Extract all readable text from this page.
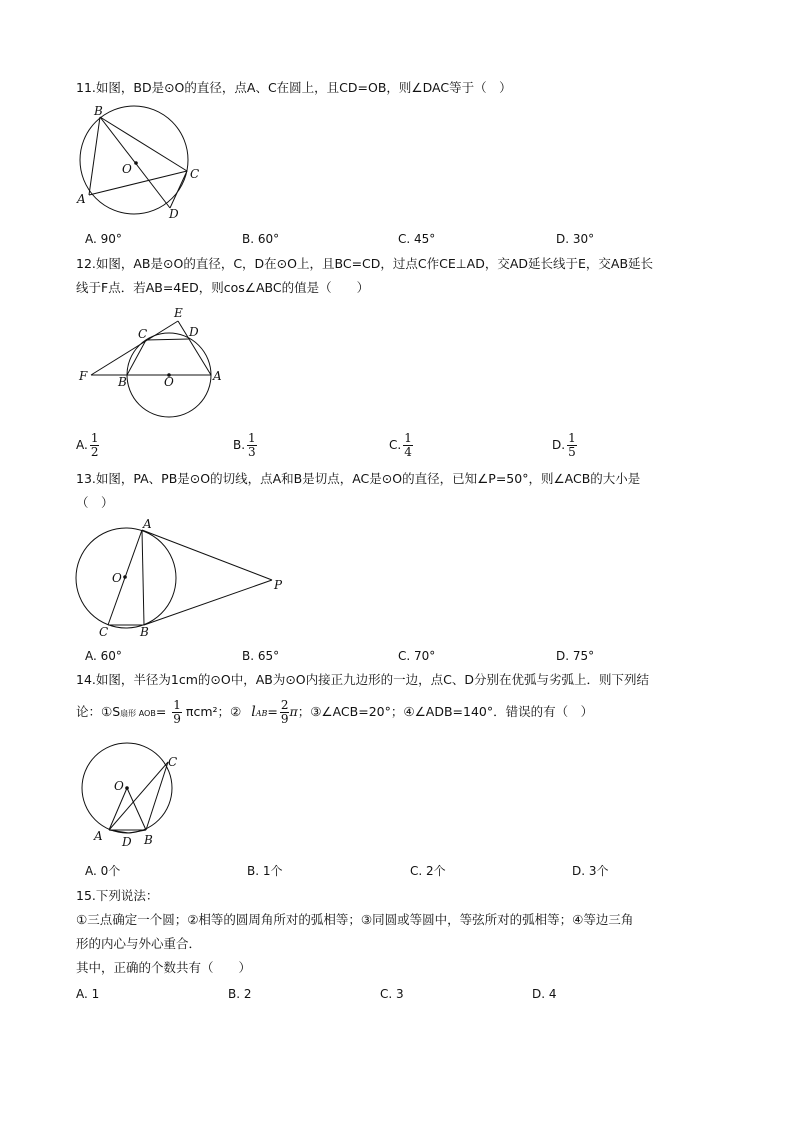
11.如图，BD是⊙O的直径，点A、C在圆上，且CD=OB，则∠DAC等于（　）
B
O	C
A
D
A. 90°	B. 60°	C. 45°	D. 30°
12.如图，AB是⊙O的直径，C，D在⊙O上，且BC=CD，过点C作CE⊥AD，交AD延长线于E，交AB延长
线于F点．若AB=4ED，则cos∠ABC的值是（　　）
E
C	D
F	B	O	A
A. $\frac{1}{2}$	B. $\frac{1}{3}$	C. $\frac{1}{4}$	D. $\frac{1}{5}$
13.如图，PA、PB是⊙O的切线，点A和B是切点，AC是⊙O的直径，已知∠P=50°，则∠ACB的大小是
（　）
A
O	P
C	B
A. 60°	B. 65°	C. 70°	D. 75°
14.如图，半径为1cm的⊙O中，AB为⊙O内接正九边形的一边，点C、D分别在优弧与劣弧上．则下列结
论：①S扇形 $AOB= \frac{1}{9} \pi cm^2$；② $lAB= \frac{2}{9}$ π；③∠ACB=20°；④∠ADB=140°．错误的有（　）
O
C
A D B
A. 0个	B. 1个	C. 2个	D. 3个
15.下列说法：
①三点确定一个圆；②相等的圆周角所对的弧相等；③同圆或等圆中，等弦所对的弧相等；④等边三角
形的内心与外心重合．
其中，正确的个数共有（　　）
A. 1	B. 2	C. 3	D. 4
